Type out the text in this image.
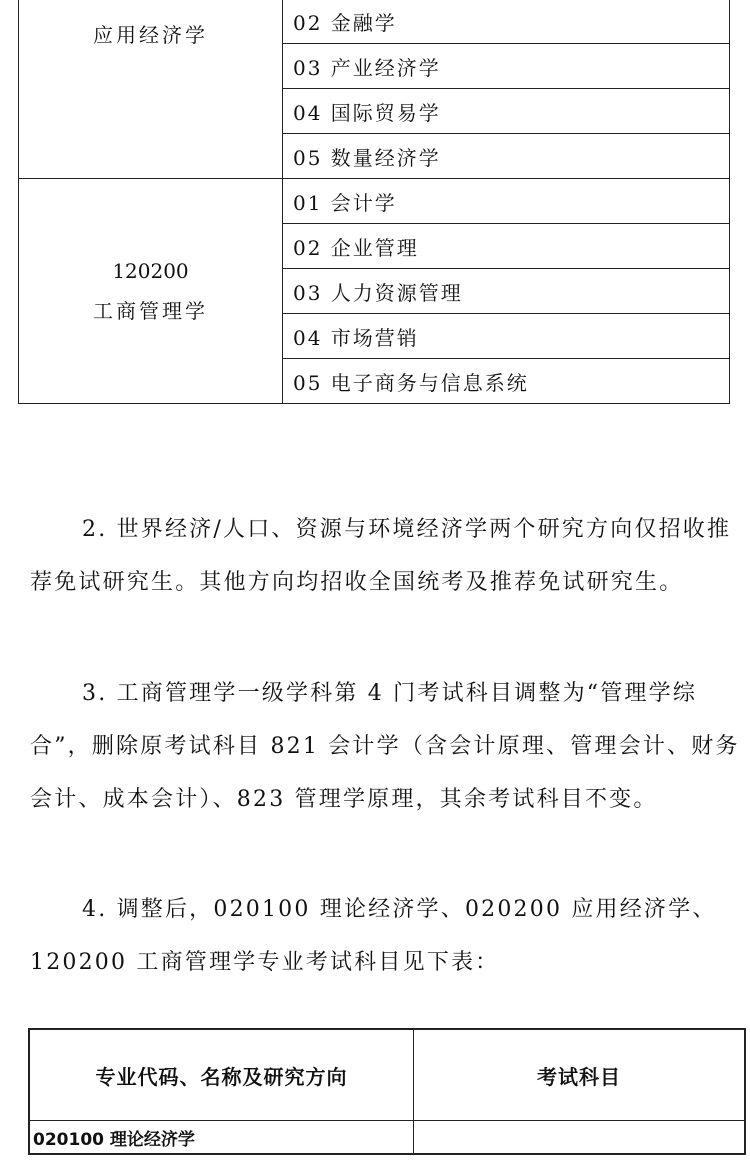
应用经济学	02 金融学
	03 产业经济学
	04 国际贸易学
	05 数量经济学

120200
工商管理学	01 会计学
	02 企业管理
	03 人力资源管理
	04 市场营销
	05 电子商务与信息系统

2. 世界经济/人口、资源与环境经济学两个研究方向仅招收推荐免试研究生。其他方向均招收全国统考及推荐免试研究生。

3. 工商管理学一级学科第 4 门考试科目调整为“管理学综合”，删除原考试科目 821 会计学（含会计原理、管理会计、财务会计、成本会计）、823 管理学原理，其余考试科目不变。

4. 调整后，020100 理论经济学、020200 应用经济学、120200 工商管理学专业考试科目见下表：

专业代码、名称及研究方向	考试科目
020100 理论经济学	
